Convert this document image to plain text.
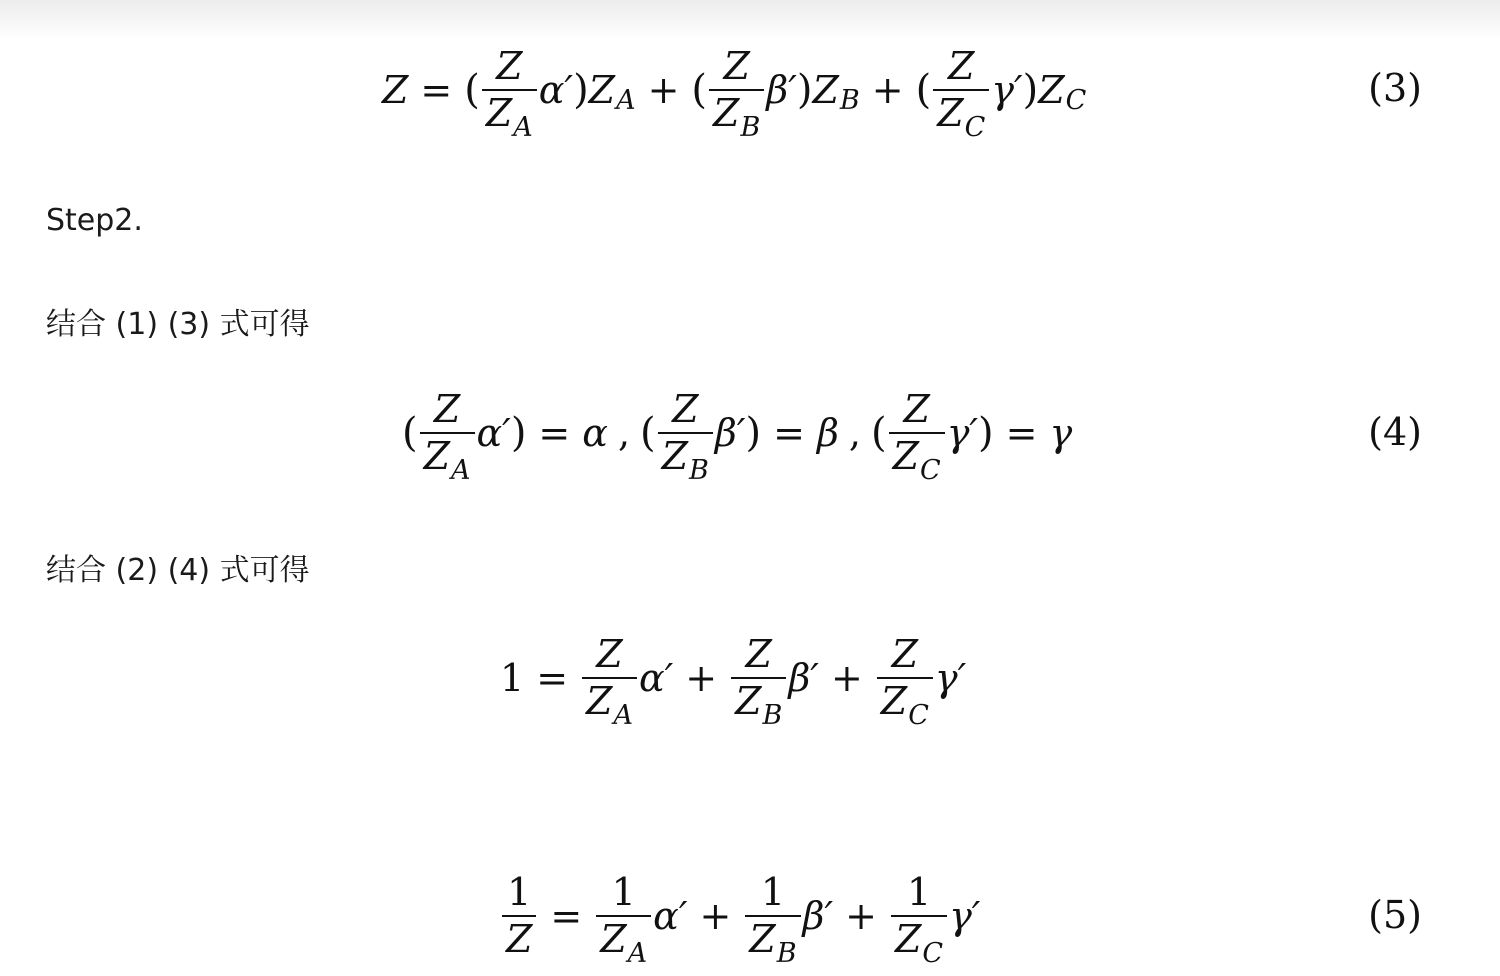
Z = ( $\frac{Z}{Z_A} \alpha'$ ) Z A + ( $\frac{Z}{Z_B} \beta'$ ) Z B + ( $\frac{Z}{Z_C} \gamma'$ ) Z C	(3)
Step2.
结合 (1) (3) 式可得
( $\frac{Z}{Z_A} \alpha'$ ) = α , ( $\frac{Z}{Z_B} \beta'$ ) = β , ( $\frac{Z}{Z_C} \gamma'$ ) = γ	(4)
结合 (2) (4) 式可得
$1 = \frac{Z}{Z_A} \alpha' + \frac{Z}{Z_B} \beta' + \frac{Z}{Z_C} \gamma'$
$\frac{1}{Z} = \frac{1}{Z_A} \alpha' + \frac{1}{Z_B} \beta' + \frac{1}{Z_C} \gamma'$	(5)
